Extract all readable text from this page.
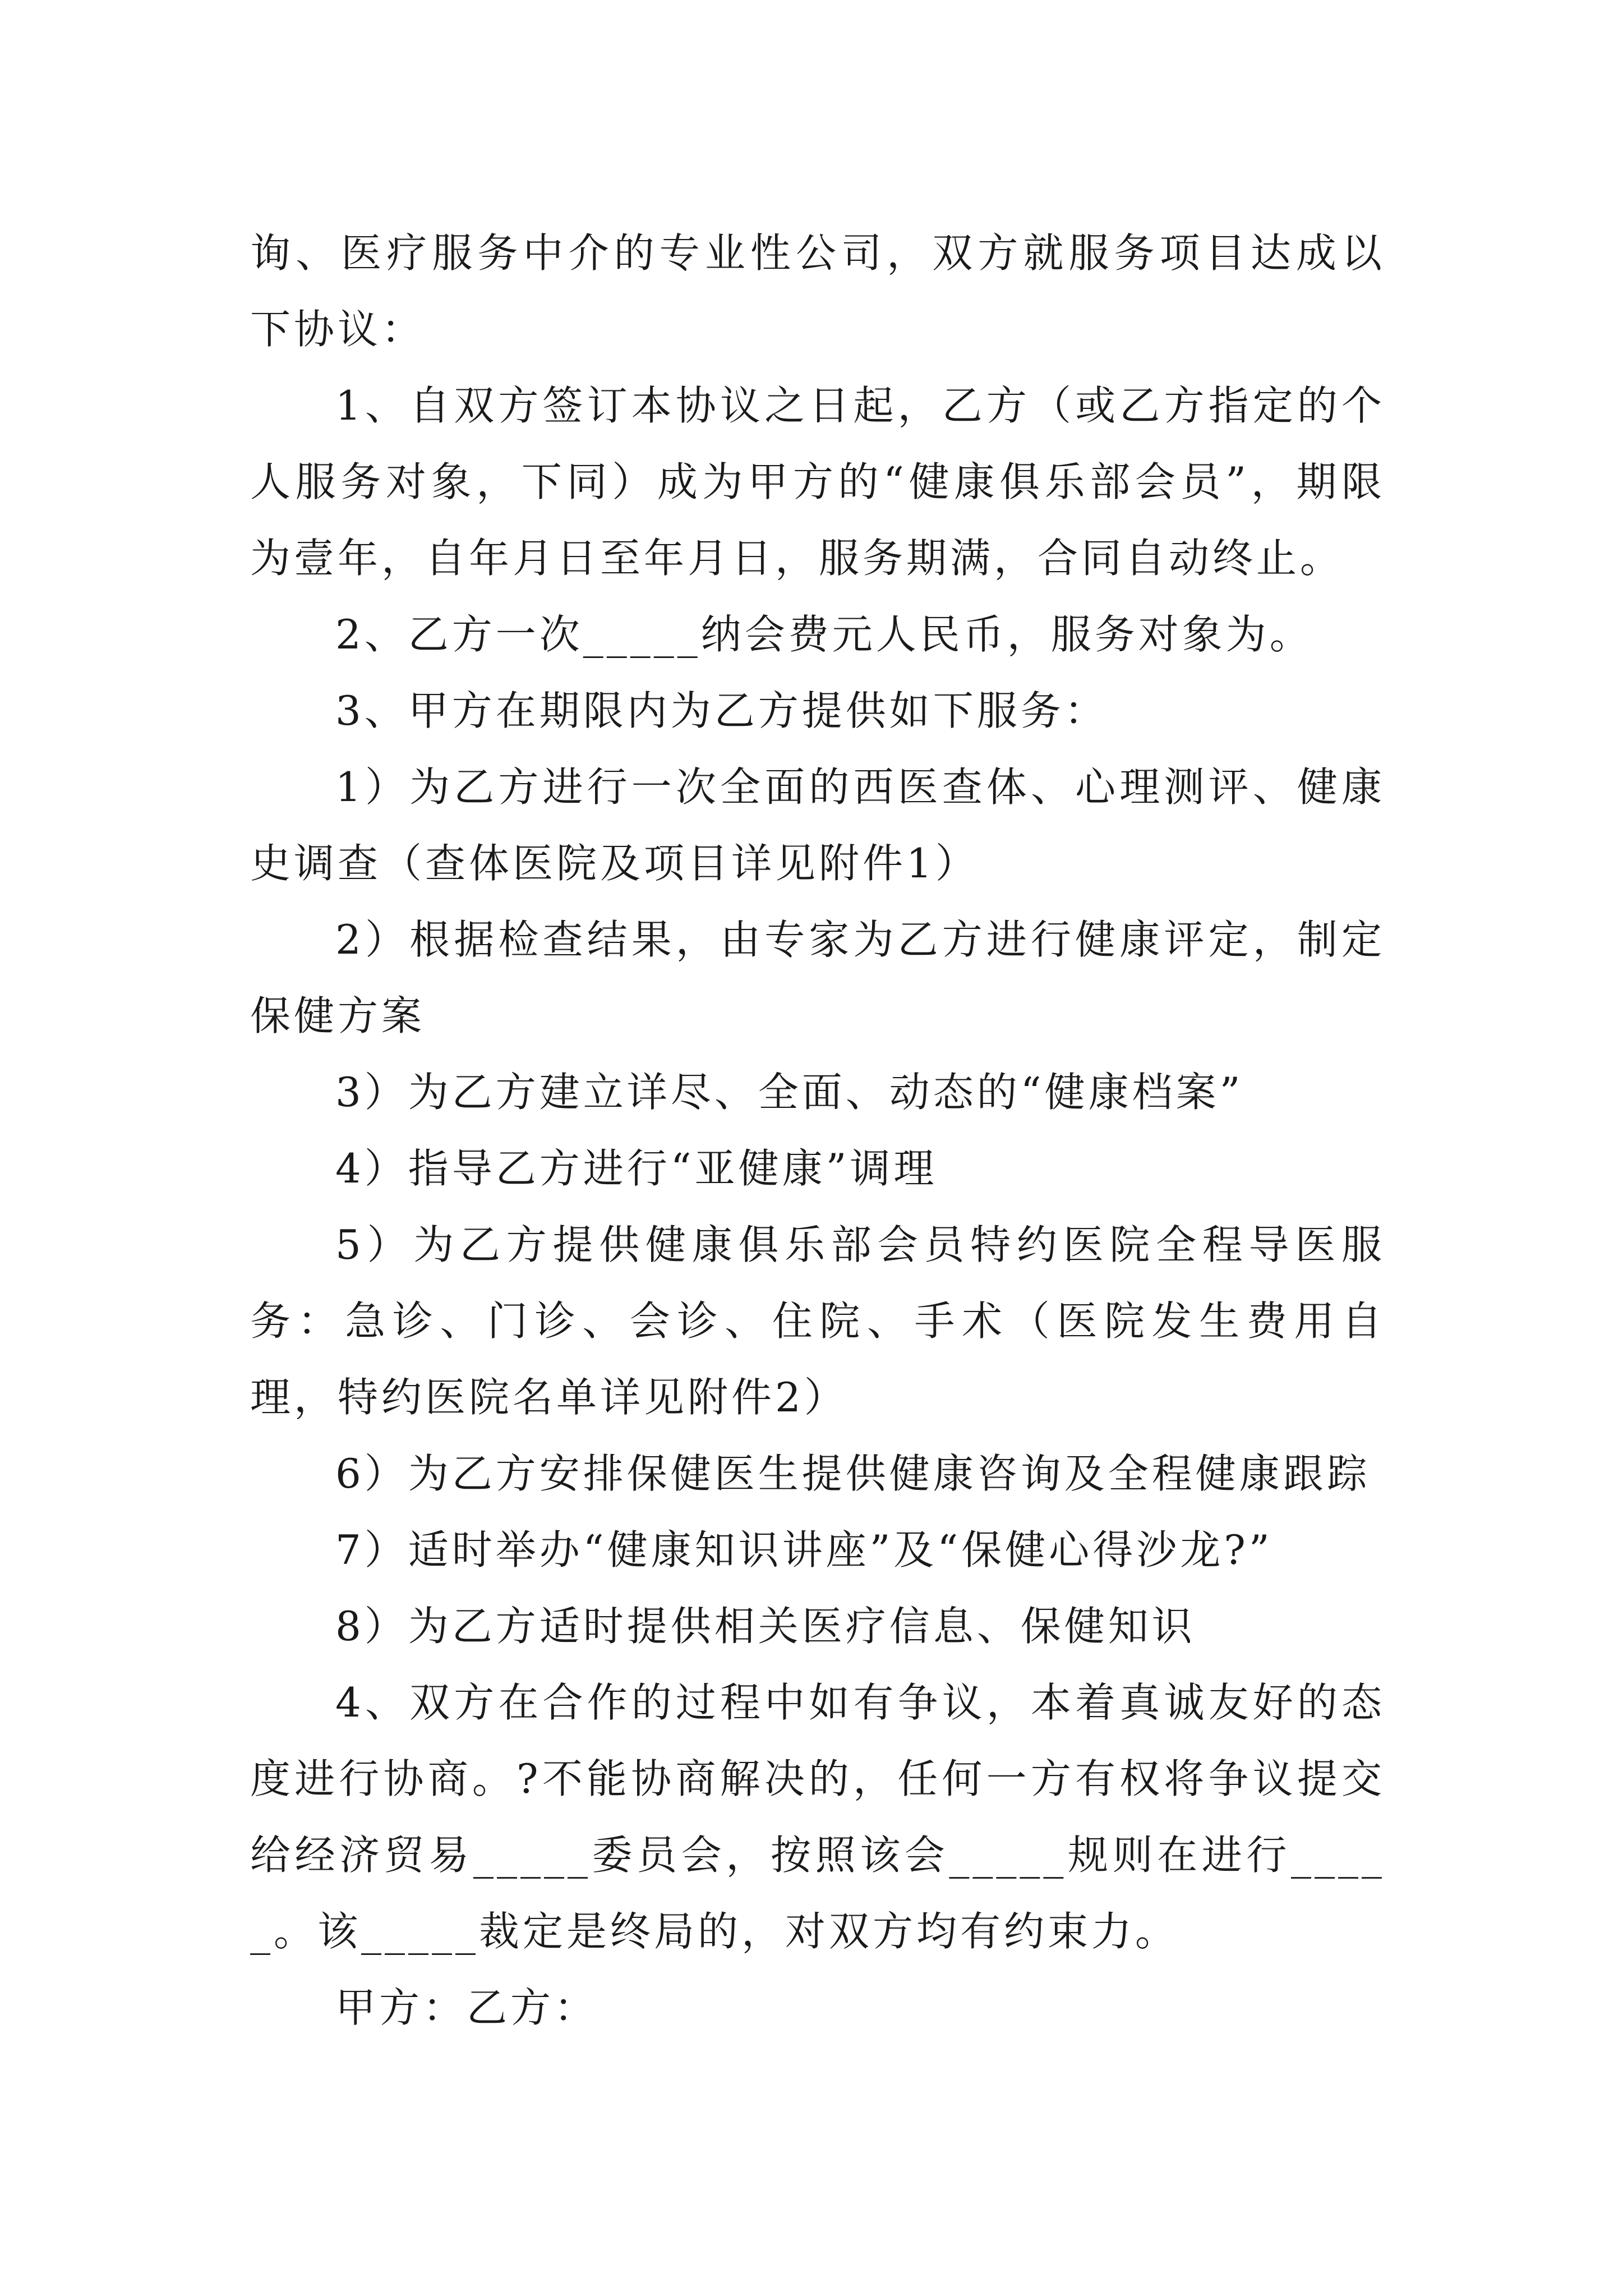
询、医疗服务中介的专业性公司，双方就服务项目达成以下协议：

1、自双方签订本协议之日起，乙方（或乙方指定的个人服务对象，下同）成为甲方的“健康俱乐部会员”，期限为壹年，自年月日至年月日，服务期满，合同自动终止。

2、乙方一次_____纳会费元人民币，服务对象为。

3、甲方在期限内为乙方提供如下服务：

1）为乙方进行一次全面的西医查体、心理测评、健康史调查（查体医院及项目详见附件1）

2）根据检查结果，由专家为乙方进行健康评定，制定保健方案

3）为乙方建立详尽、全面、动态的“健康档案”

4）指导乙方进行“亚健康”调理

5）为乙方提供健康俱乐部会员特约医院全程导医服务：急诊、门诊、会诊、住院、手术（医院发生费用自理，特约医院名单详见附件2）

6）为乙方安排保健医生提供健康咨询及全程健康跟踪

7）适时举办“健康知识讲座”及“保健心得沙龙?”

8）为乙方适时提供相关医疗信息、保健知识

4、双方在合作的过程中如有争议，本着真诚友好的态度进行协商。?不能协商解决的，任何一方有权将争议提交给经济贸易_____委员会，按照该会_____规则在进行_____。该_____裁定是终局的，对双方均有约束力。

甲方：乙方：
